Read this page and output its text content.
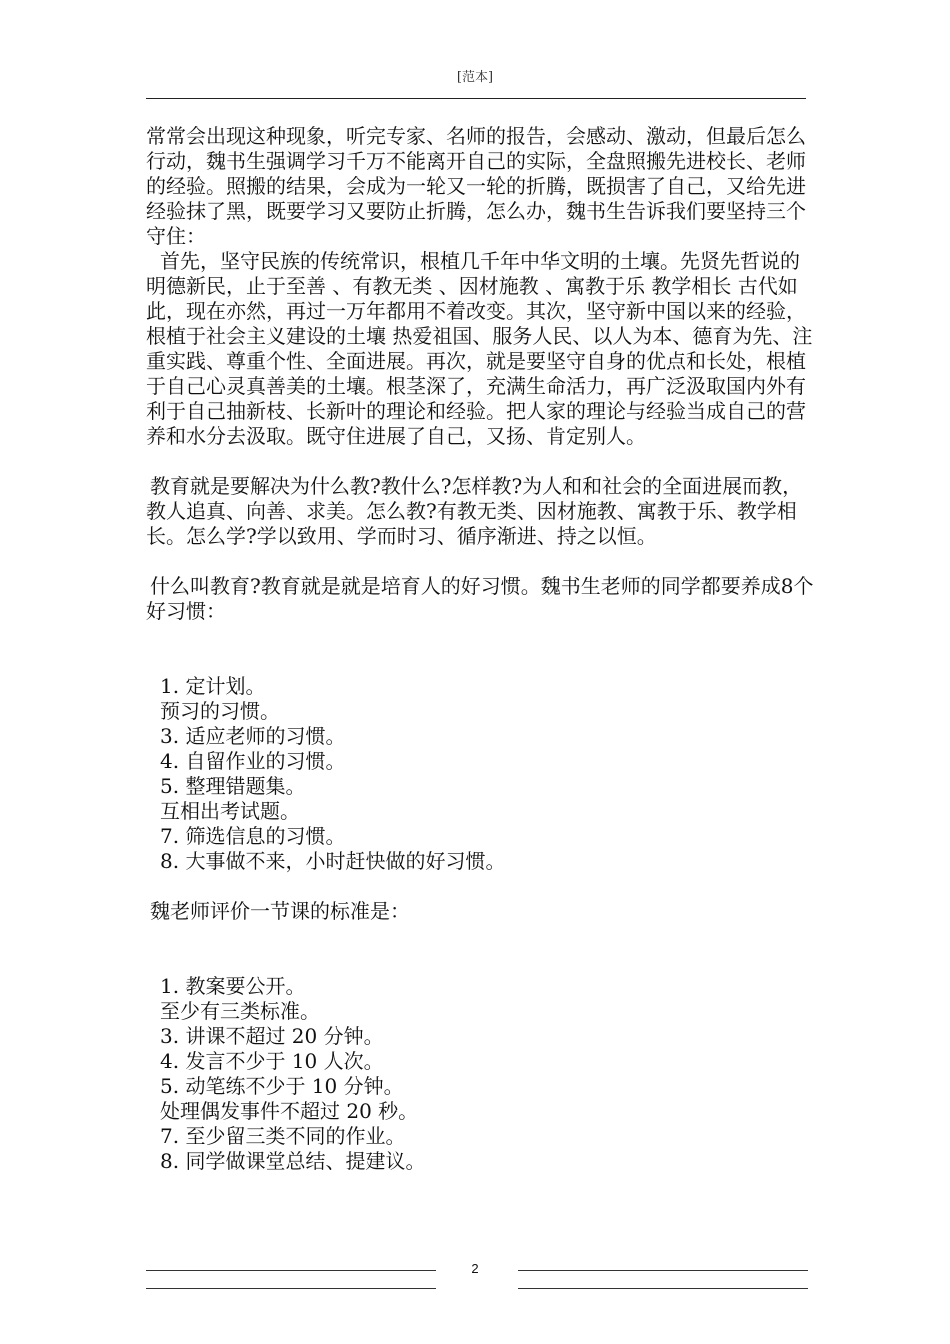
[范本]

常常会出现这种现象，听完专家、名师的报告，会感动、激动，但最后怎么行动，魏书生强调学习千万不能离开自己的实际，全盘照搬先进校长、老师的经验。照搬的结果，会成为一轮又一轮的折腾，既损害了自己，又给先进经验抹了黑，既要学习又要防止折腾，怎么办，魏书生告诉我们要坚持三个守住：

首先，坚守民族的传统常识，根植几千年中华文明的土壤。先贤先哲说的 明德新民，止于至善 、有教无类 、因材施教 、寓教于乐 教学相长 古代如此，现在亦然，再过一万年都用不着改变。其次，坚守新中国以来的经验，根植于社会主义建设的土壤 热爱祖国、服务人民、以人为本、德育为先、注重实践、尊重个性、全面进展。再次，就是要坚守自身的优点和长处，根植于自己心灵真善美的土壤。根茎深了，充满生命活力，再广泛汲取国内外有利于自己抽新枝、长新叶的理论和经验。把人家的理论与经验当成自己的营养和水分去汲取。既守住进展了自己，又扬、肯定别人。

教育就是要解决为什么教?教什么?怎样教?为人和和社会的全面进展而教，教人追真、向善、求美。怎么教?有教无类、因材施教、寓教于乐、教学相长。怎么学?学以致用、学而时习、循序渐进、持之以恒。

什么叫教育?教育就是就是培育人的好习惯。魏书生老师的同学都要养成8个好习惯：

1. 定计划。
预习的习惯。
3. 适应老师的习惯。
4. 自留作业的习惯。
5. 整理错题集。
互相出考试题。
7. 筛选信息的习惯。
8. 大事做不来，小时赶快做的好习惯。

魏老师评价一节课的标准是：

1. 教案要公开。
至少有三类标准。
3. 讲课不超过 20 分钟。
4. 发言不少于 10 人次。
5. 动笔练不少于 10 分钟。
处理偶发事件不超过 20 秒。
7. 至少留三类不同的作业。
8. 同学做课堂总结、提建议。
2
